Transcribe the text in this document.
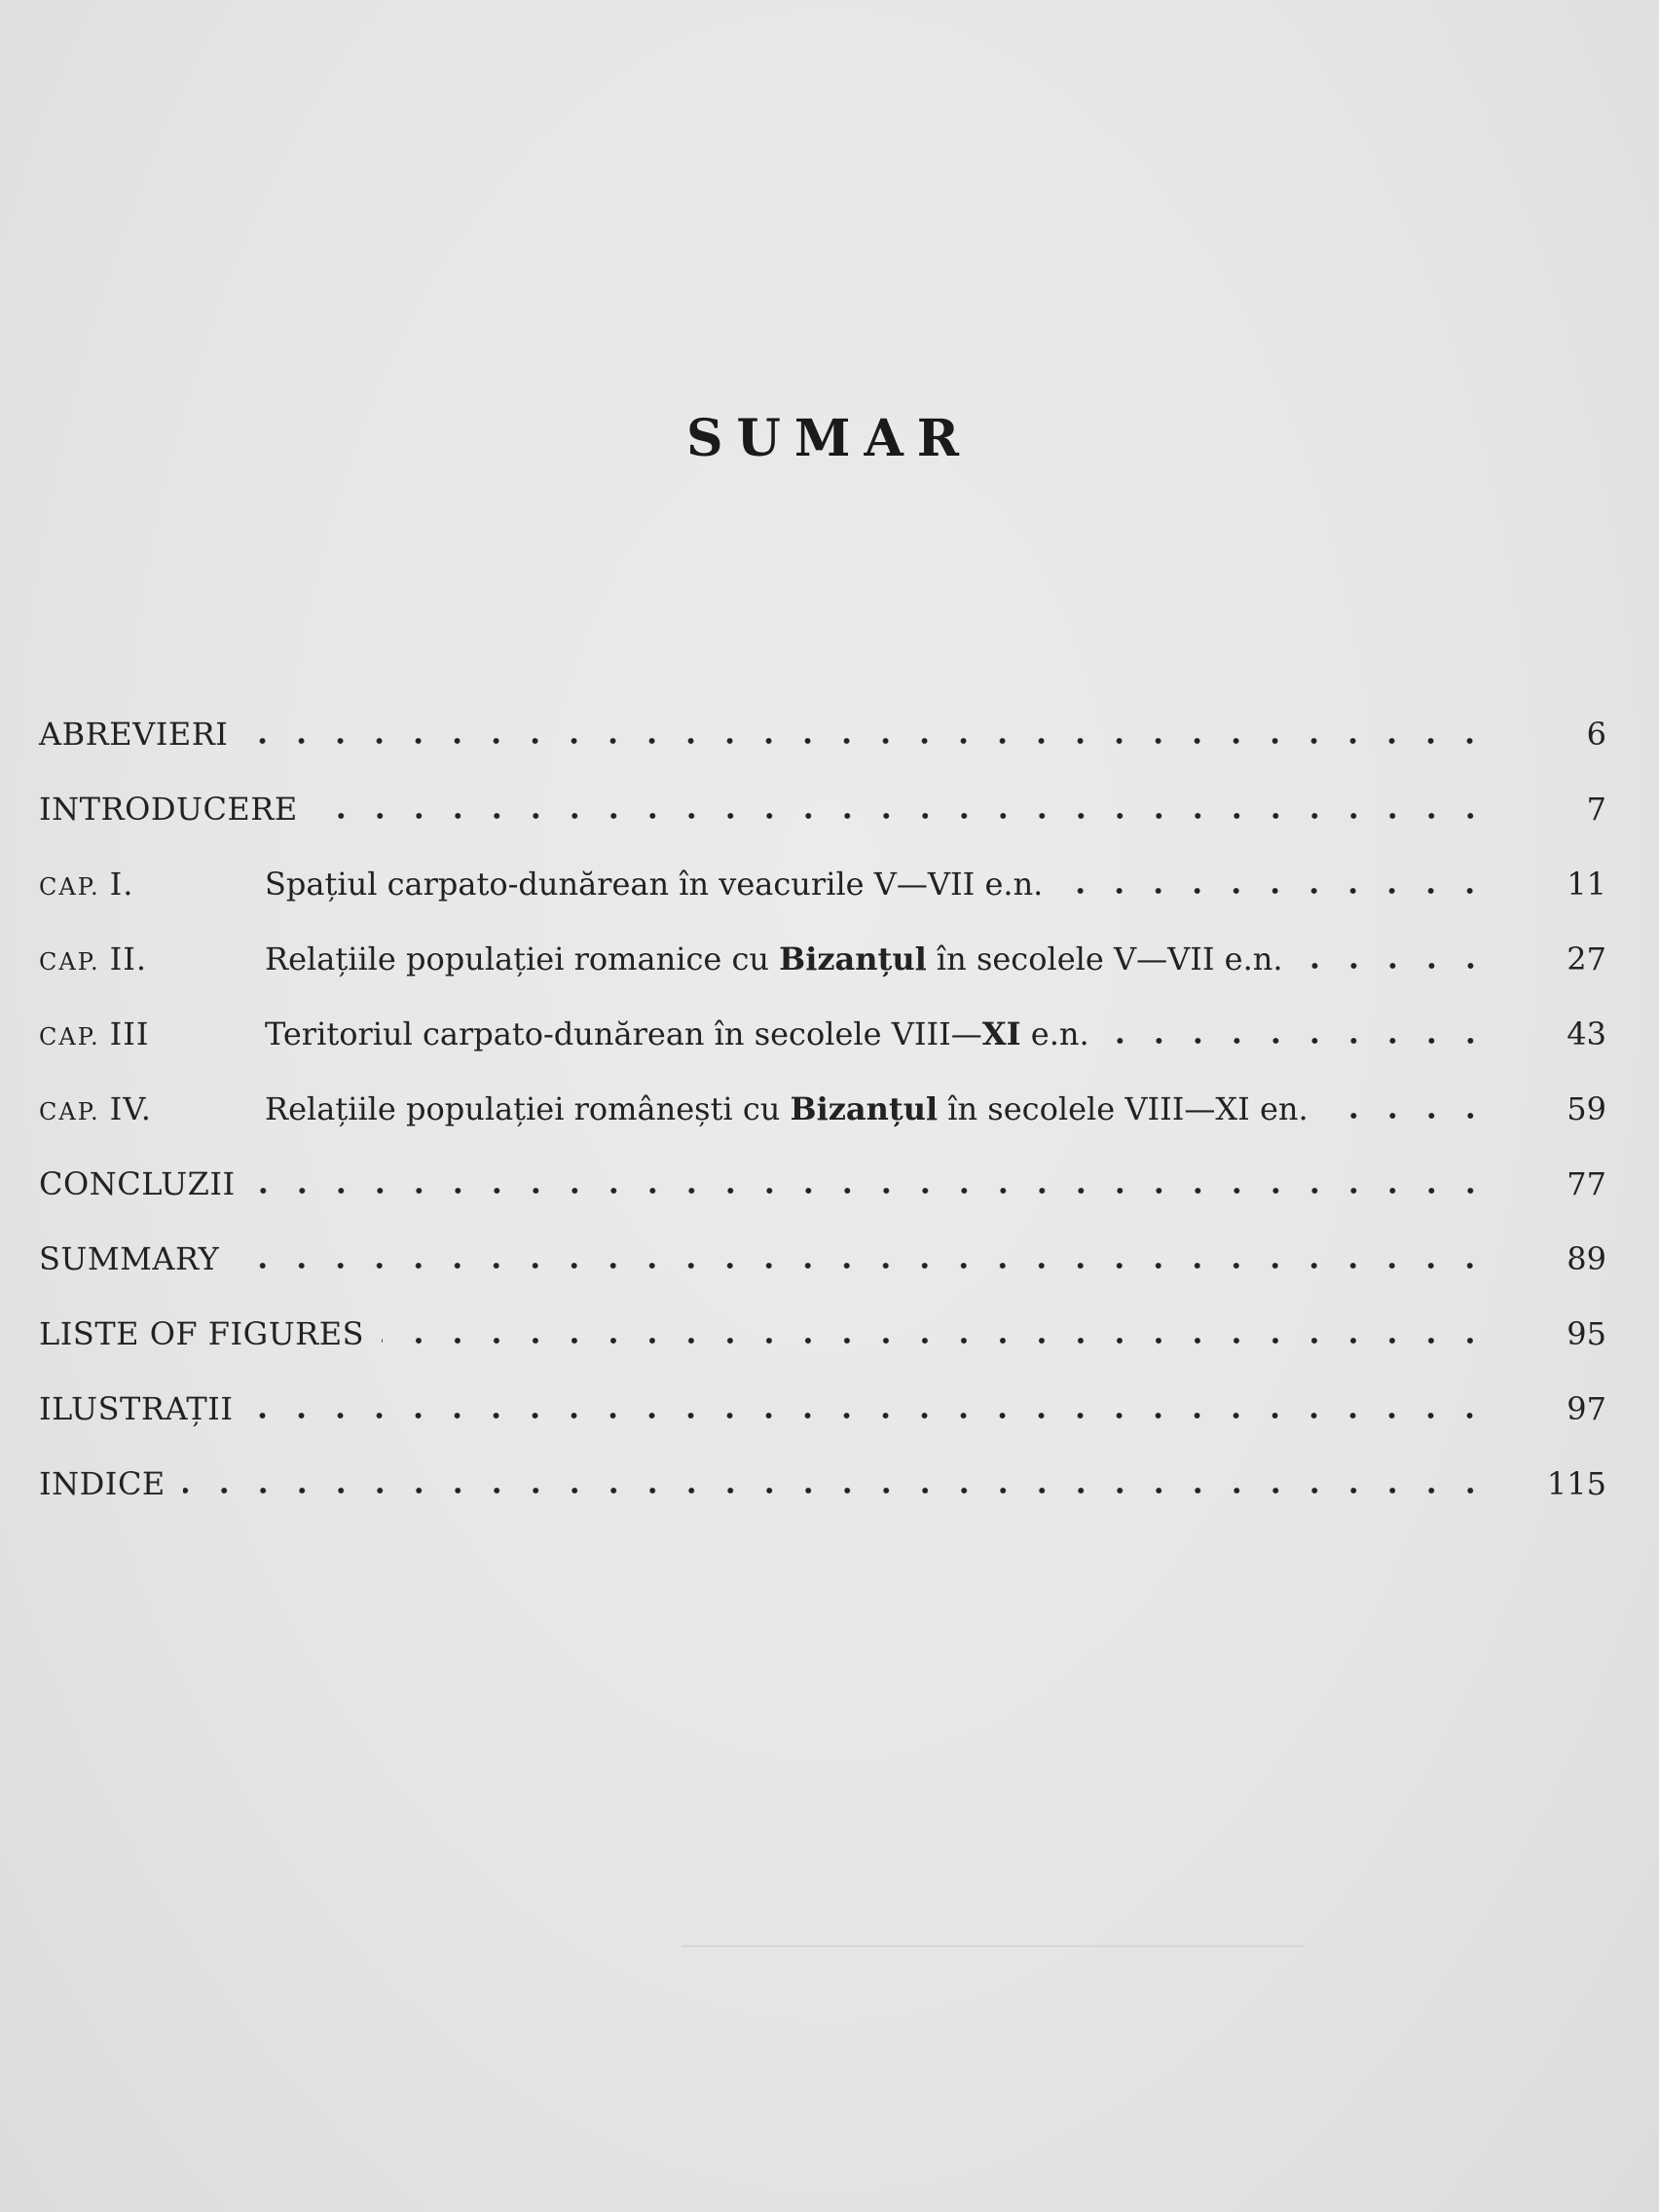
SUMAR
ABREVIERI	6
INTRODUCERE	7
CAP. I.	Spațiul carpato-dunărean în veacurile V—VII e.n.	11
CAP. II.	Relațiile populației romanice cu Bizanțul în secolele V—VII e.n.	27
CAP. III	Teritoriul carpato-dunărean în secolele VIII—XI e.n.	43
CAP. IV.	Relațiile populației românești cu Bizanțul în secolele VIII—XI en.	59
CONCLUZII	77
SUMMARY	89
LISTE OF FIGURES	95
ILUSTRAȚII	97
INDICE	115
